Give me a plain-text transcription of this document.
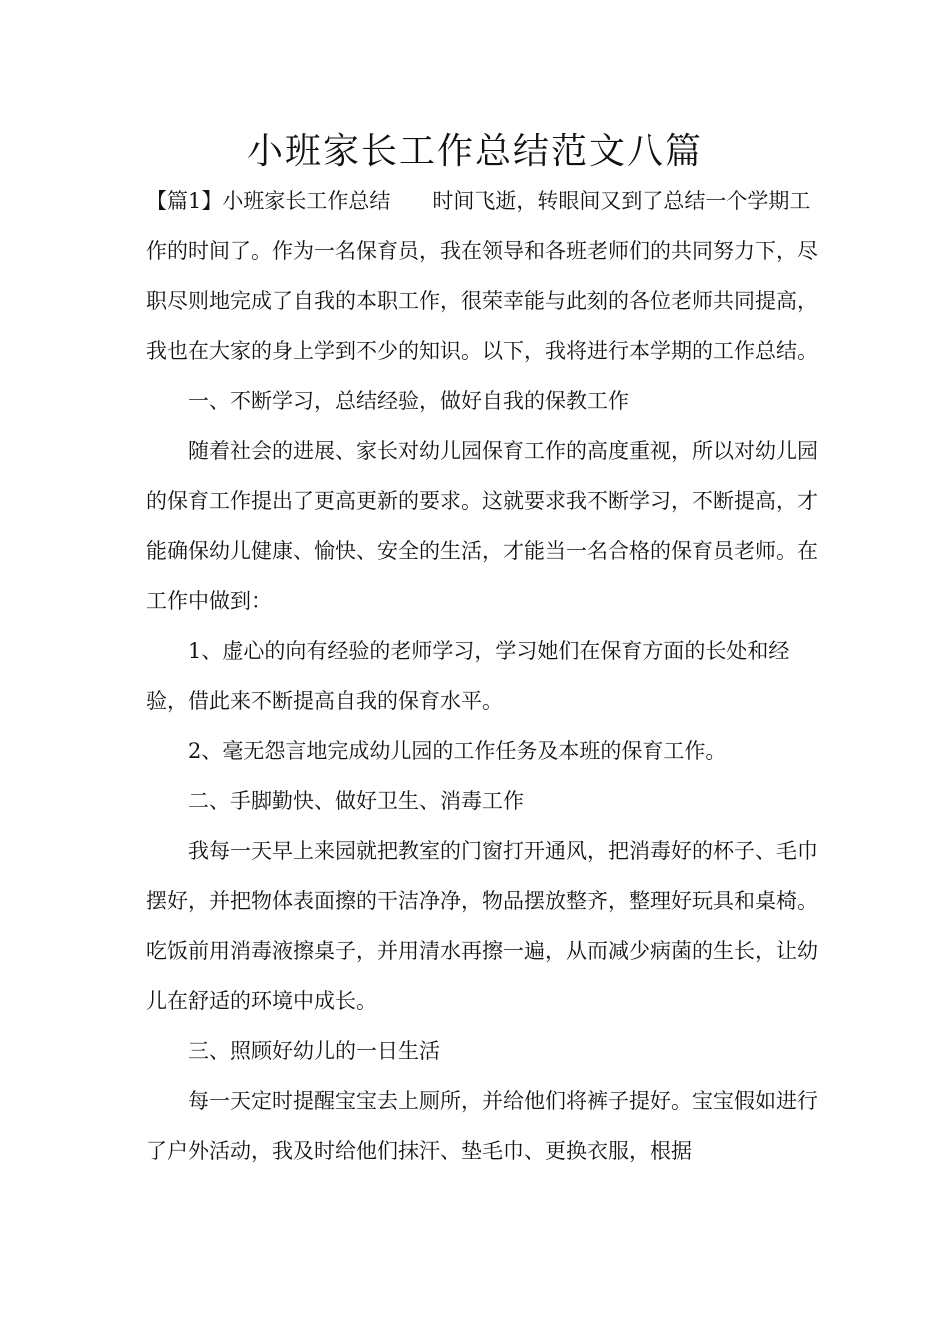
小班家长工作总结范文八篇

【篇1】小班家长工作总结　　时间飞逝，转眼间又到了总结一个学期工作的时间了。作为一名保育员，我在领导和各班老师们的共同努力下，尽职尽则地完成了自我的本职工作，很荣幸能与此刻的各位老师共同提高，我也在大家的身上学到不少的知识。以下，我将进行本学期的工作总结。

一、不断学习，总结经验，做好自我的保教工作

随着社会的进展、家长对幼儿园保育工作的高度重视，所以对幼儿园的保育工作提出了更高更新的要求。这就要求我不断学习，不断提高，才能确保幼儿健康、愉快、安全的生活，才能当一名合格的保育员老师。在工作中做到：

1、虚心的向有经验的老师学习，学习她们在保育方面的长处和经验，借此来不断提高自我的保育水平。

2、毫无怨言地完成幼儿园的工作任务及本班的保育工作。

二、手脚勤快、做好卫生、消毒工作

我每一天早上来园就把教室的门窗打开通风，把消毒好的杯子、毛巾摆好，并把物体表面擦的干洁净净，物品摆放整齐，整理好玩具和桌椅。吃饭前用消毒液擦桌子，并用清水再擦一遍，从而减少病菌的生长，让幼儿在舒适的环境中成长。

三、照顾好幼儿的一日生活

每一天定时提醒宝宝去上厕所，并给他们将裤子提好。宝宝假如进行了户外活动，我及时给他们抹汗、垫毛巾、更换衣服，根据
